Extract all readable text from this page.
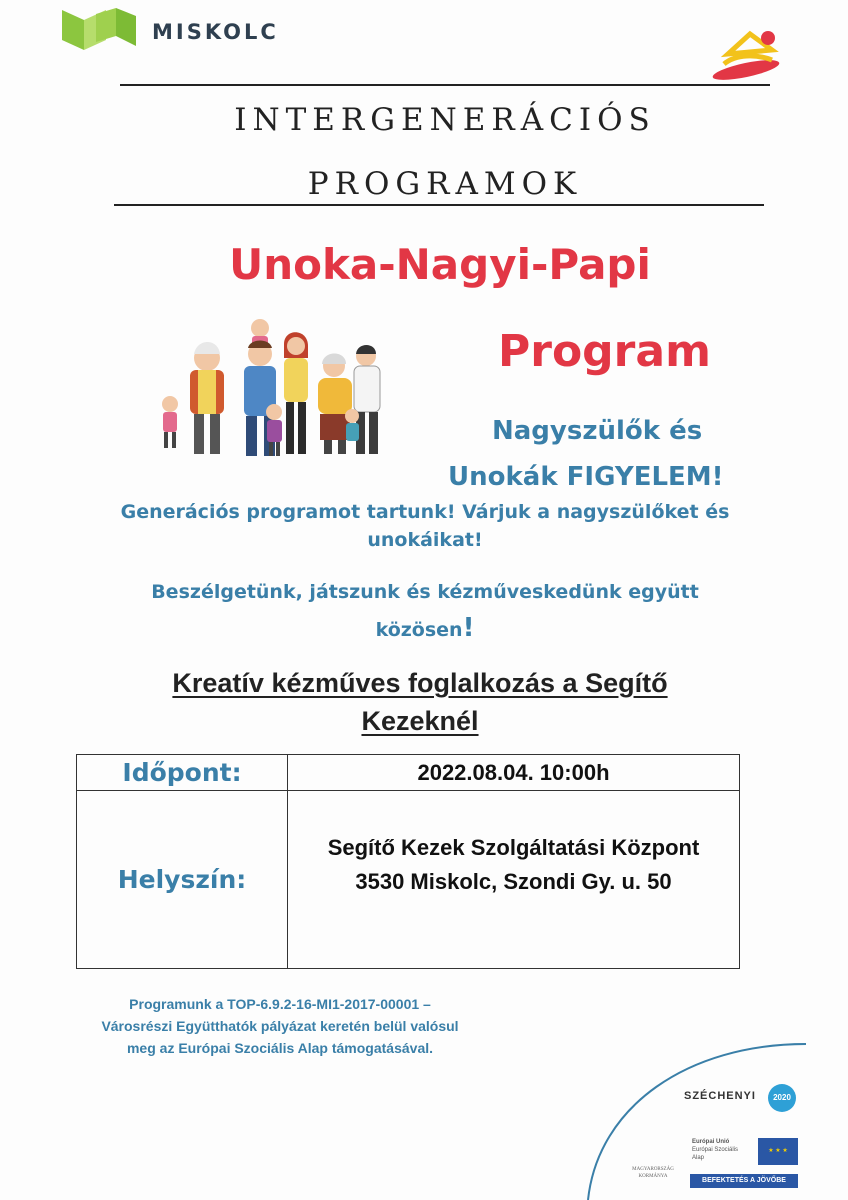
MISKOLC
INTERGENERÁCIÓS
PROGRAMOK
Unoka-Nagyi-Papi
Program
Nagyszülők és
Unokák FIGYELEM!
Generációs programot tartunk! Várjuk a nagyszülőket és
unokáikat!
Beszélgetünk, játszunk és kézműveskedünk együtt
közösen!
Kreatív kézműves foglalkozás a Segítő
Kezeknél
Időpont:	2022.08.04. 10:00h
Helyszín:	Segítő Kezek Szolgáltatási Központ
3530 Miskolc, Szondi Gy. u. 50
Programunk a TOP-6.9.2-16-MI1-2017-00001 –
Városrészi Együtthatók pályázat keretén belül valósul
meg az Európai Szociális Alap támogatásával.
SZÉCHENYI	2020
Európai Unió
Európai Szociális
Alap
★ ★ ★
MAGYARORSZÁG
KORMÁNYA
BEFEKTETÉS A JÖVŐBE
